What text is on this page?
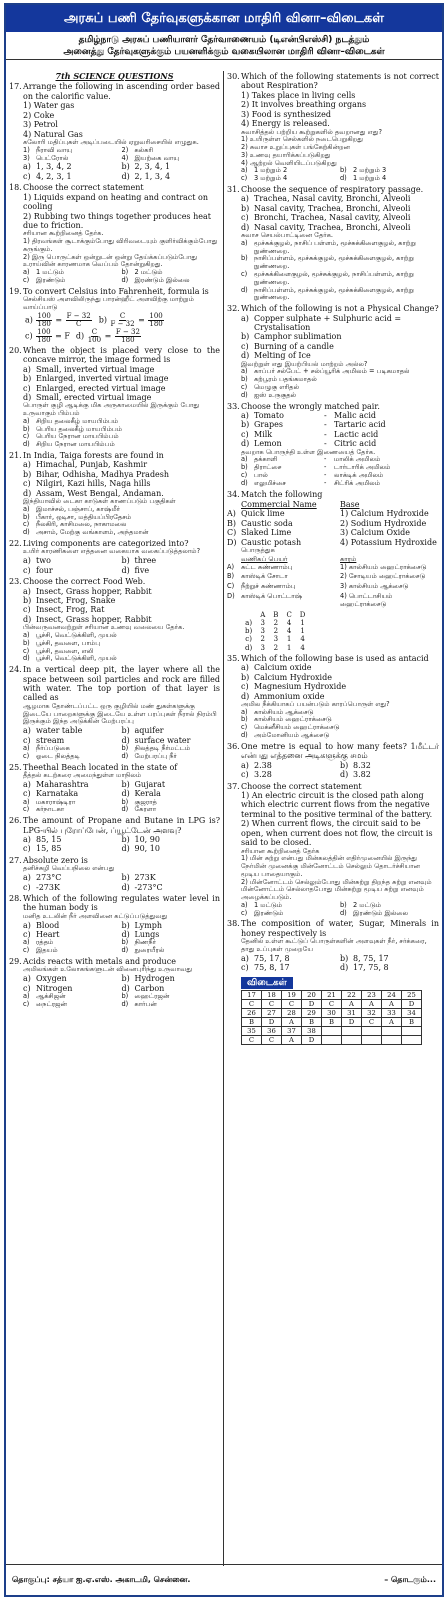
அரசுப் பணி தேர்வுகளுக்கான மாதிரி வினா–விடைகள்
தமிழ்நாடு அரசுப் பணியாளர் தேர்வாணையம் (டிஎன்பிஎஸ்சி) நடத்தும்
அனைத்து தேர்வுகளுக்கும் பயனளிக்கும் வகையிலான மாதிரி வினா–விடைகள்
7th SCIENCE QUESTIONS
17. Arrange the following in ascending order based on the calorific value.
1) Water gas
2) Coke
3) Petrol
4) Natural Gas
கலோரி மதிப்புகள் அடிப்படையில் ஏறுவரிசையில் எழுதுக.
1) நீராவி வாயு	2) கல்கரி
3) பெட்ரோல்	4) இயற்கை வாயு
a) 1, 3, 4, 2	b) 2, 3, 4, 1
c) 4, 2, 3, 1	d) 2, 1, 3, 4
18. Choose the correct statement
1) Liquids expand on heating and contract on cooling
2) Rubbing two things together produces heat due to friction.
சரியான கூற்றினைத் தேர்க.
1) திரவங்கள் சூடாக்கும்போது விரிவடையும் குளிர்விக்கும்போது சுருங்கும்.
2) இரு பொருட்கள் ஒன்றுடன் ஒன்று தேய்க்கப்படும்போது உராய்வின் காரணமாக வெப்பம் தோன்றுகிறது.
a) 1 மட்டும்	b) 2 மட்டும்
c)	இரண்டும்	d) இரண்டும் இல்லை
19. To convert Celsius into Fahrenheit, formula is
செல்சியஸ் அளவிலிருந்து பாரன்ஹீட் அளவிற்கு மாற்றும் வாய்ப்பாடு
$a) \frac{100}{180} = \frac{F - 32}{C} b) \frac{C}{F - 32} = \frac{100}{180}$
$c) \frac{100}{180} = F$ $d) \frac{C}{100} = \frac{F - 32}{180}$
20. When the object is placed very close to the concave mirror, the image formed is
a) Small, inverted virtual image
b) Enlarged, inverted virtual image
c) Enlarged, erected virtual image
d) Small, erected virtual image
பொருள் குழி ஆடிக்கு மிக அருகாமையில் இருக்கும் போது உருவாகும் பிம்பம்
a) சிறிய தலைகீழ் மாயபிம்பம்
b) பெரிய தலைகீழ் மாயபிம்பம்
c)	பெரிய நேரான மாயபிம்பம்
d) சிறிய நேரான மாயபிம்பம்
21. In India, Taiga forests are found in
a) Himachal, Punjab, Kashmir
b) Bihar, Odhisha, Madhya Pradesh
c) Nilgiri, Kazi hills, Naga hills
d) Assam, West Bengal, Andaman.
இந்தியாவில் டைகா காடுகள் காணப்படும் பகுதிகள்
a) இமாச்சல், பஞ்சாப், காஷ்மீர்
b) பீகார், ஒடிசா, மத்தியப்பிரதேசம்
c)	நீலகிரி, காசிமலை, நாகாமலை
d) அசாம், மேற்கு வங்காளம், அந்தமான்
22. Living components are categorized into?
உயிர் காரணிகளை எத்தனை வகையாக வகைப்படுத்தலாம்?
a) two	b) three
c) four	d) five
23. Choose the correct Food Web.
a) Insect, Grass hopper, Rabbit
b) Insect, Frog, Snake
c) Insect, Frog, Rat
d) Insect, Grass hopper, Rabbit
பின்வருவனவற்றுள் சரியான உணவு வலையை தேர்க.
a) பூச்சி, வெட்டுக்கிளி, முயல்
b) பூச்சி, தவளை, பாம்பு
c)	பூச்சி, தவளை, எலி
d) பூச்சி, வெட்டுக்கிளி, முயல்
24. In a vertical deep pit, the layer where all the space between soil particles and rock are filled with water. The top portion of that layer is called as
ஆழமாக தோண்டப்பட்ட ஒரு குழியில் மண் துகள்களுக்கு இடையே பாறைகளுக்கு இடையே உள்ள பரப்புகள் நீரால் நிரம்பி இருக்கும் இந்த அடுக்கின் மேற்பரப்பு
a) water table	b) aquifer
c) stream	d) surface water
a) நீர்ப்படுகை	b) நிலத்தடி நீர்மட்டம்
c)	ஓடை நிலத்தடி	d) மேற்பரப்பு நீர்
25. Theethal Beach located in the state of
தீத்தல் கடற்கரை அமைந்துள்ள மாநிலம்
a) Maharashtra	b) Gujarat
c) Karnataka	d) Kerala
a) மகாராஷ்டிரா	b) குஜராத்
c)	கர்நாடகா	d) கேரளா
26. The amount of Propane and Butane in LPG is? LPG-யில் புரோப்பேன், ப்யூட்டேன் அளவு?
a) 85, 15	b) 10, 90
c) 15, 85	d) 90, 10
27. Absolute zero is
தனிச்சுழி வெப்பநிலை என்பது
a) 273°C	b) 273K
c) -273K	d) -273°C
28. Which of the following regulates water level in the human body is
மனித உடலின் நீர் அளவினை கட்டுப்படுத்துவது
a) Blood	b) Lymph
c) Heart	d) Lungs
a) ரத்தம்	b) நிணநீர்
c)	இதயம்	d) நுரையீரல்
29. Acids reacts with metals and produce
அமிலங்கள் உலோகங்களுடன் வினைபுரிந்து உருவாவது
a) Oxygen	b) Hydrogen
c) Nitrogen	d) Carbon
a) ஆக்சிஜன்	b) ஹைட்ரஜன்
c)	நைட்ரஜன்	d) கார்பன்
30. Which of the following statements is not correct about Respiration?
1) Takes place in living cells
2) It involves breathing organs
3) Food is synthesized
4) Energy is released.
சுவாசித்தல் பற்றிய கூற்றுகளில் தவறானது எது?
1) உயிருள்ள செல்களில் நடைபெறுகிறது
2) சுவாச உறுப்புகள் பங்கேற்கின்றன
3) உணவு தயாரிக்கப்படுகிறது
4) ஆற்றல் வெளியிடப்படுகிறது
a) 1 மற்றும் 2	b) 2 மற்றும் 3
c)	3 மற்றும் 4	d) 1 மற்றும் 4
31. Choose the sequence of respiratory passage.
a) Trachea, Nasal cavity, Bronchi, Alveoli
b) Nasal cavity, Trachea, Bronchi, Alveoli
c) Bronchi, Trachea, Nasal cavity, Alveoli
d) Nasal cavity, Trachea, Bronchi, Alveoli
சுவாச செயல்பாட்டினை தேர்க.
a) மூச்சுக்குழல், நாசிப் பள்ளம், மூச்சுக்கிளைகுழல், காற்று நுண்ணறை.
b) நாசிப்பள்ளம், மூச்சுக்குழல், மூச்சுக்கிளைகுழல், காற்று நுண்ணறை.
c)	மூச்சுக்கிளைகுழல், மூச்சுக்குழல், நாசிப்பள்ளம், காற்று நுண்ணறை.
d) நாசிப்பள்ளம், மூச்சுக்குழல், மூச்சுக்கிளைகுழல், காற்று நுண்ணறை.
32. Which of the following is not a Physical Change?
a) Copper sulphate + Sulphuric acid = Crystalisation
b) Camphor sublimation
c) Burning of a candle
d) Melting of Ice
இவற்றுள் எது இயற்பியல் மாற்றம் அல்ல?
a) காப்பர் சல்பேட் + சல்ப்யூரிக் அமிலம் = படிகமாதல்
b) கற்பூரம் பதங்கமாதல்
c)	மெழுகு எரிதல்
d) ஐஸ் உருகுதல்
33. Choose the wrongly matched pair.
a) Tomato	- Malic acid
b) Grapes	- Tartaric acid
c) Milk	- Lactic acid
d) Lemon	- Citric acid
தவறாக பொருந்தி உள்ள இணையைத் தேர்க.
a) தக்காளி	-	மாலிக் அமிலம்
b) திராட்சை	-	டார்டாரிக் அமிலம்
c)	பால்	-	லாக்டிக் அமிலம்
d) எலுமிச்சை	-	சிட்ரிக் அமிலம்
34. Match the following
Commercial Name	Base
A) Quick lime	1) Calcium Hydroxide
B) Caustic soda	2) Sodium Hydroxide
C) Slaked Lime	3) Calcium Oxide
D) Caustic potash	4) Potassium Hydroxide
பொருத்துக
வணிகப் பெயர்	காரம்
A)	சுட்ட சுண்ணாம்பு	1) கால்சியம் ஹைட்ராக்சைடு
B)	காஸ்டிக் சோடா	2) சோடியம் ஹைட்ராக்சைடு
C)	நீற்றுச் சுண்ணாம்பு	3) கால்சியம் ஆக்சைடு
D) காஸ்டிக் பொட்டாஷ்	4) பொட்டாசியம் ஹைட்ராக்சைடு
	A	B	C	D
a)	3	2	4	1
b)	3	2	4	1
c)	2	3	1	4
d)	3	2	1	4
35. Which of the following base is used as antacid
a) Calcium oxide
b) Calcium Hydroxide
c) Magnesium Hydroxide
d) Ammonium oxide
அமில நீக்கியாகப் பயன்படும் காரப்பொருள் எது?
a) கால்சியம் ஆக்சைடு
b) கால்சியம் ஹைட்ராக்சைடு
c)	மெக்னீசியம் ஹைட்ராக்சைடு
d) அம்மோனியம் ஆக்சைடு
36. One metre is equal to how many feets? 1மீட்டர் என்பது எத்தனை அடிகளுக்கு சமம்
a) 2.38	b) 8.32
c) 3.28	d) 3.82
37. Choose the correct statement
1) An electric circuit is the closed path along which electric current flows from the negative terminal to the positive terminal of the battery.
2) When current flows, the circuit said to be open, when current does not flow, the circuit is said to be closed.
சரியான கூற்றினைத் தேர்க
1) மின் சுற்று என்பது மின்கலத்தின் எதிர்முனையில் இருந்து நேர்மின் முனைக்கு மின்னோட்டம் செல்லும் தொடர்ச்சியான மூடிய பாதையாகும்.
2) மின்னோட்டம் செல்லும்போது மின்சுற்று திறந்த சுற்று எனவும் மின்னோட்டம் செல்லாதபோது மின்சுற்று மூடிய சுற்று எனவும் அழைக்கப்படும்.
a) 1 மட்டும்	b) 2 மட்டும்
c)	இரண்டும்	d) இரண்டும் இல்லை
38. The composition of water, Sugar, Minerals in honey respectively is
தேனில் உள்ள கூட்டுப் பொருள்களின் அளவுகள் நீர், சர்க்கரை, தாது உப்புகள் முறையே
a) 75, 17, 8	b) 8, 75, 17
c) 75, 8, 17	d) 17, 75, 8
விடைகள்
17	18	19	20	21	22	23	24	25
C	C	C	D	C	A	A	A	D
26	27	28	29	30	31	32	33	34
B	D	A	B	B	D	C	A	B
35	36	37	38					
C	C	A	D					
தொகுப்பு: சத்யா ஐ.ஏ.எஸ். அகாடமி, சென்னை.	– தொடரும்...
